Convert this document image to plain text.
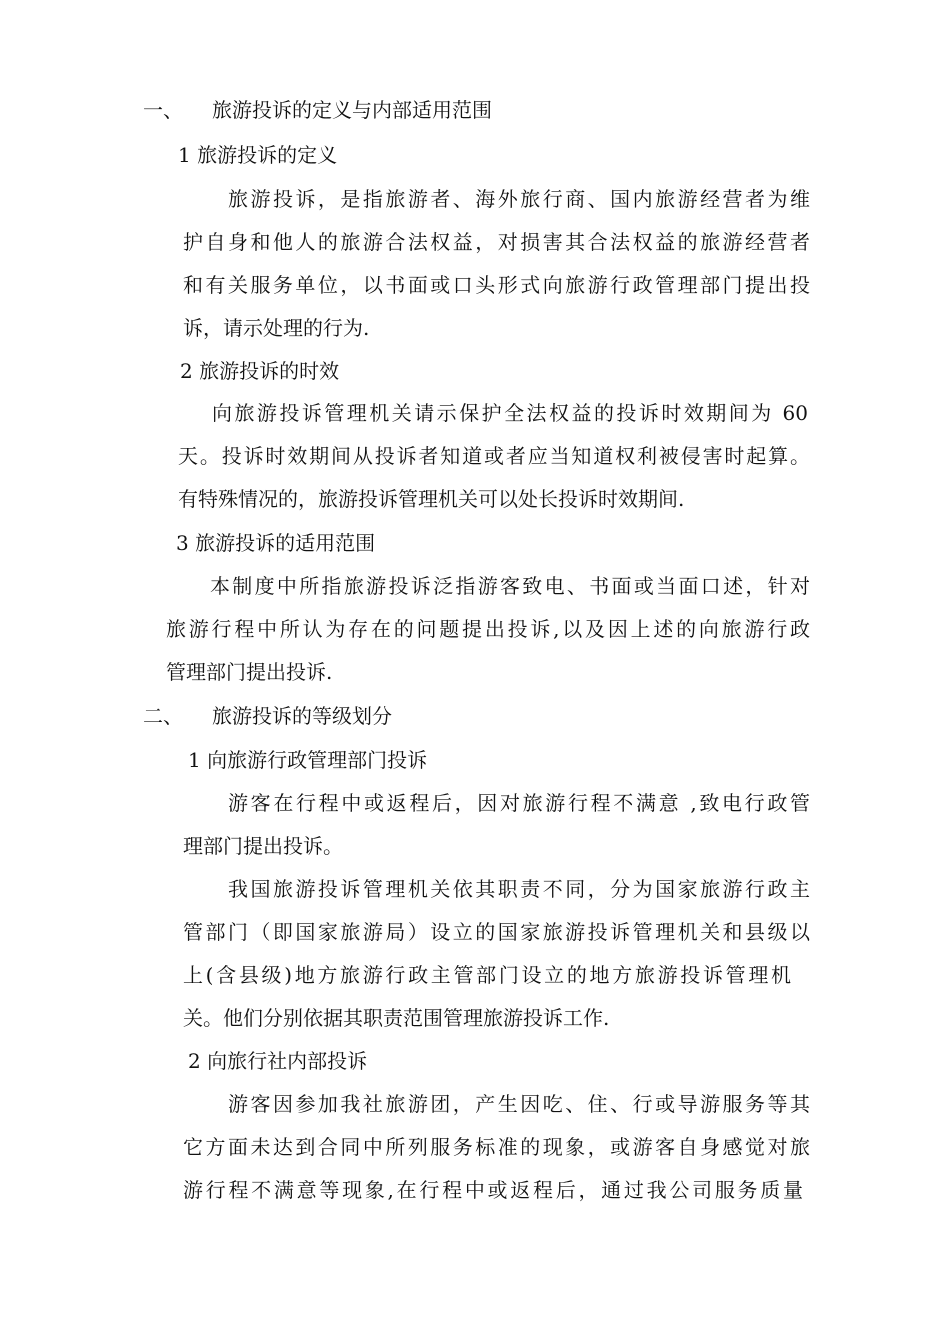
一、 旅游投诉的定义与内部适用范围
1 旅游投诉的定义
旅游投诉，是指旅游者、海外旅行商、国内旅游经营者为维
护自身和他人的旅游合法权益，对损害其合法权益的旅游经营者
和有关服务单位，以书面或口头形式向旅游行政管理部门提出投
诉，请示处理的行为.
2 旅游投诉的时效
向旅游投诉管理机关请示保护全法权益的投诉时效期间为 60
天。投诉时效期间从投诉者知道或者应当知道权利被侵害时起算。
有特殊情况的，旅游投诉管理机关可以处长投诉时效期间.
3 旅游投诉的适用范围
本制度中所指旅游投诉泛指游客致电、书面或当面口述，针对
旅游行程中所认为存在的问题提出投诉,以及因上述的向旅游行政
管理部门提出投诉.
二、 旅游投诉的等级划分
1 向旅游行政管理部门投诉
游客在行程中或返程后，因对旅游行程不满意 ,致电行政管
理部门提出投诉。
我国旅游投诉管理机关依其职责不同，分为国家旅游行政主
管部门（即国家旅游局）设立的国家旅游投诉管理机关和县级以
上(含县级)地方旅游行政主管部门设立的地方旅游投诉管理机
关。他们分别依据其职责范围管理旅游投诉工作.
2 向旅行社内部投诉
游客因参加我社旅游团，产生因吃、住、行或导游服务等其
它方面未达到合同中所列服务标准的现象，或游客自身感觉对旅
游行程不满意等现象,在行程中或返程后，通过我公司服务质量
